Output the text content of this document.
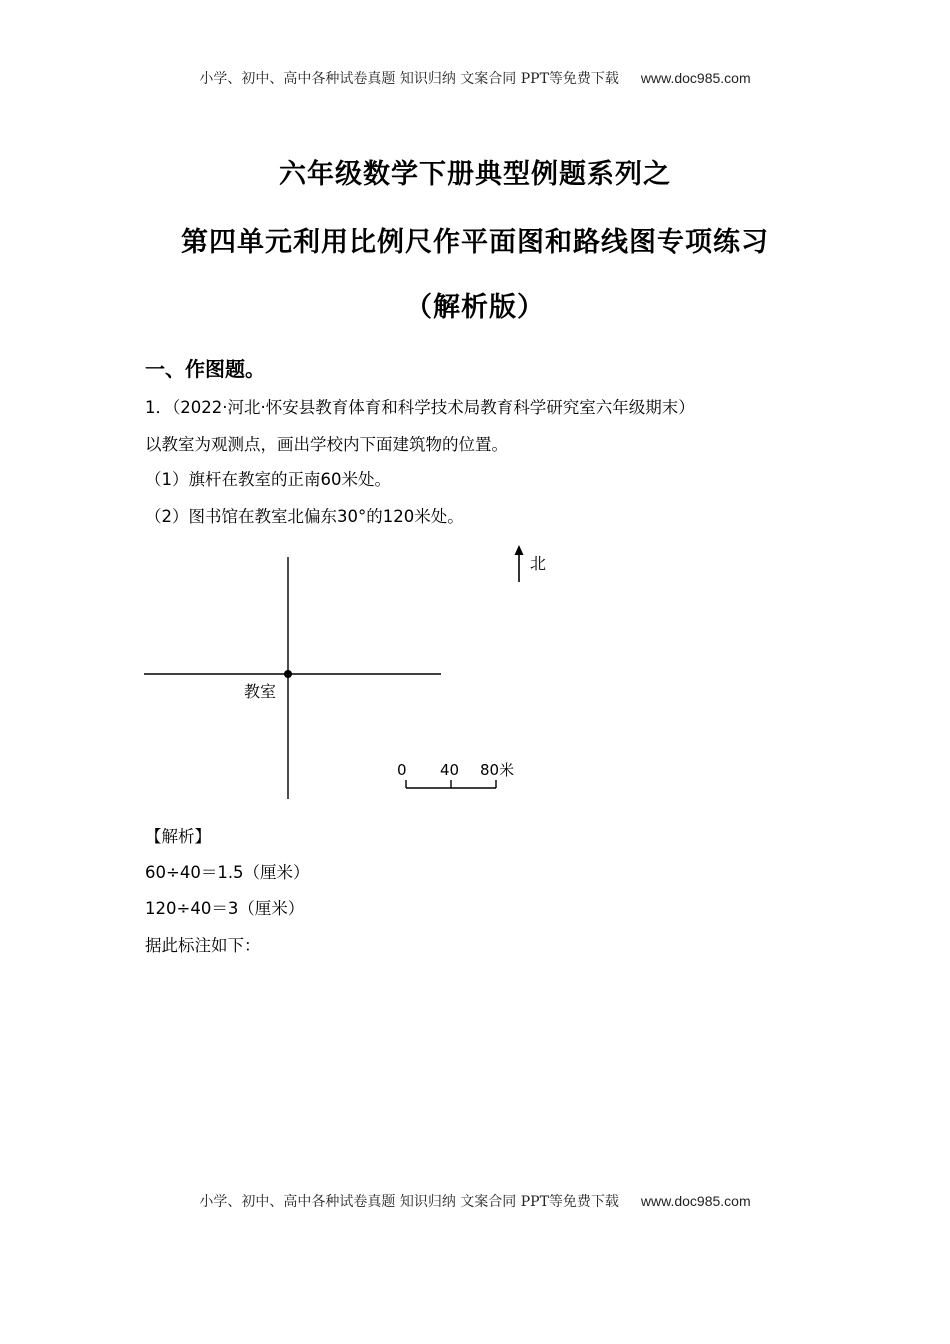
小学、初中、高中各种试卷真题 知识归纳 文案合同 PPT等免费下载 www.doc985.com
六年级数学下册典型例题系列之
第四单元利用比例尺作平面图和路线图专项练习
（解析版）
一、作图题。
1．（2022·河北·怀安县教育体育和科学技术局教育科学研究室六年级期末）
以教室为观测点，画出学校内下面建筑物的位置。
（1）旗杆在教室的正南60米处。
（2）图书馆在教室北偏东30°的120米处。
教室
北
0 40 80米
【解析】
60÷40＝1.5（厘米）
120÷40＝3（厘米）
据此标注如下：
小学、初中、高中各种试卷真题 知识归纳 文案合同 PPT等免费下载 www.doc985.com
